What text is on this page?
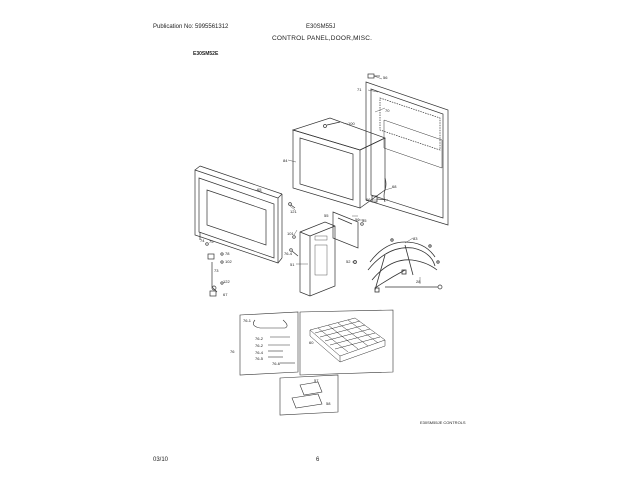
Publication No: 5995561312	E30SM55J
CONTROL PANEL,DOOR,MISC.
E30SM52E
03/10	6
E30SM55JE CONTROLS
56
71
70
100
84
65
68
66
121
55
50 55
101
74 75
76-4
51
83
52
78
102
73
122
67
28
76-1
76-2
76-2
76	76-4
76-5
76-6
60
57
58
